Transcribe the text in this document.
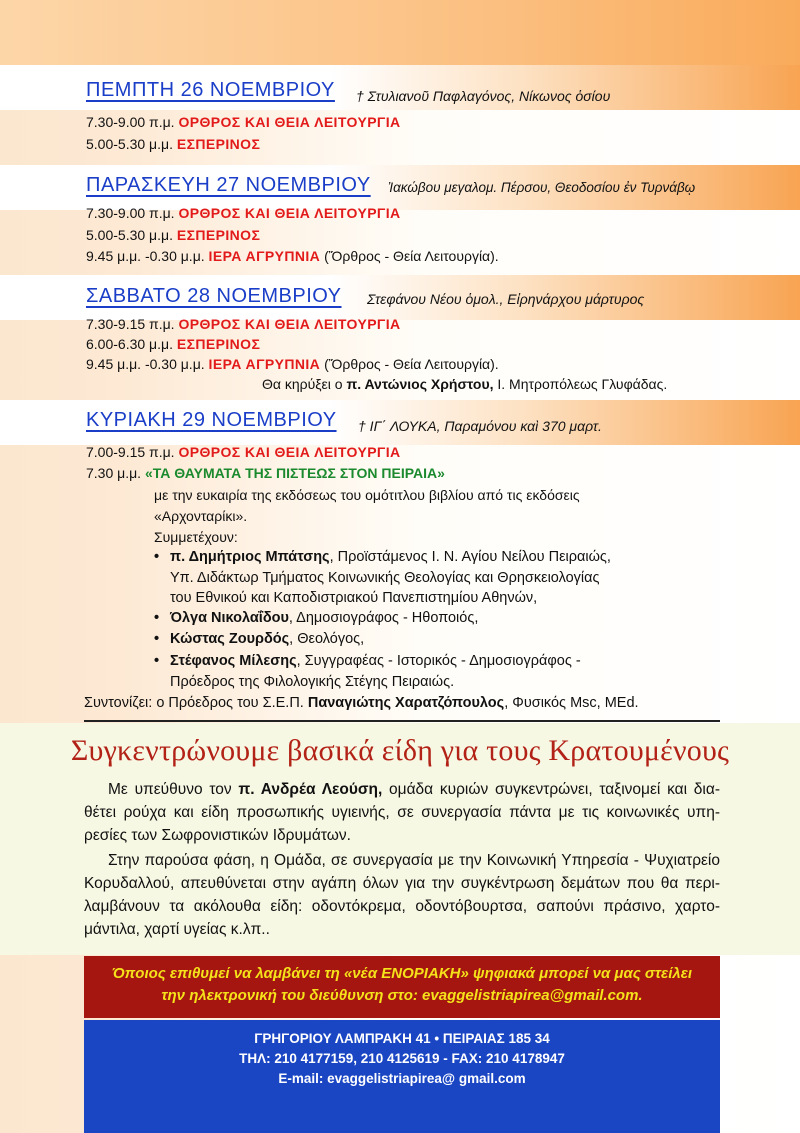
ΠΕΜΠΤΗ 26 ΝΟΕΜΒΡΙΟΥ † Στυλιανοῦ Παφλαγόνος, Νίκωνος ὁσίου
7.30-9.00 π.μ. ΟΡΘΡΟΣ ΚΑΙ ΘΕΙΑ ΛΕΙΤΟΥΡΓΙΑ
5.00-5.30 μ.μ. ΕΣΠΕΡΙΝΟΣ
ΠΑΡΑΣΚΕΥΗ 27 ΝΟΕΜΒΡΙΟΥ Ἰακώβου μεγαλομ. Πέρσου, Θεοδοσίου ἐν Τυρνάβῳ
7.30-9.00 π.μ. ΟΡΘΡΟΣ ΚΑΙ ΘΕΙΑ ΛΕΙΤΟΥΡΓΙΑ
5.00-5.30 μ.μ. ΕΣΠΕΡΙΝΟΣ
9.45 μ.μ. -0.30 μ.μ. ΙΕΡΑ ΑΓΡΥΠΝΙΑ (Ὄρθρος - Θεία Λειτουργία).
ΣΑΒΒΑΤΟ 28 ΝΟΕΜΒΡΙΟΥ Στεφάνου Νέου ὁμολ., Εἰρηνάρχου μάρτυρος
7.30-9.15 π.μ. ΟΡΘΡΟΣ ΚΑΙ ΘΕΙΑ ΛΕΙΤΟΥΡΓΙΑ
6.00-6.30 μ.μ. ΕΣΠΕΡΙΝΟΣ
9.45 μ.μ. -0.30 μ.μ. ΙΕΡΑ ΑΓΡΥΠΝΙΑ (Ὄρθρος - Θεία Λειτουργία).
Θα κηρύξει ο π. Αντώνιος Χρήστου, Ι. Μητροπόλεως Γλυφάδας.
ΚΥΡΙΑΚΗ 29 ΝΟΕΜΒΡΙΟΥ † ΙΓ΄ ΛΟΥΚΑ, Παραμόνου καὶ 370 μαρτ.
7.00-9.15 π.μ. ΟΡΘΡΟΣ ΚΑΙ ΘΕΙΑ ΛΕΙΤΟΥΡΓΙΑ
7.30 μ.μ. «ΤΑ ΘΑΥΜΑΤΑ ΤΗΣ ΠΙΣΤΕΩΣ ΣΤΟΝ ΠΕΙΡΑΙΑ»
με την ευκαιρία της εκδόσεως του ομότιτλου βιβλίου από τις εκδόσεις
«Αρχονταρίκι».
Συμμετέχουν:
• π. Δημήτριος Μπάτσης, Προϊστάμενος Ι. Ν. Αγίου Νείλου Πειραιώς,
Υπ. Διδάκτωρ Τμήματος Κοινωνικής Θεολογίας και Θρησκειολογίας
του Εθνικού και Καποδιστριακού Πανεπιστημίου Αθηνών,
• Όλγα Νικολαΐδου, Δημοσιογράφος - Ηθοποιός,
• Κώστας Ζουρδός, Θεολόγος,
• Στέφανος Μίλεσης, Συγγραφέας - Ιστορικός - Δημοσιογράφος -
Πρόεδρος της Φιλολογικής Στέγης Πειραιώς.
Συντονίζει: ο Πρόεδρος του Σ.Ε.Π. Παναγιώτης Χαρατζόπουλος, Φυσικός Msc, MEd.
Συγκεντρώνουμε βασικά είδη για τους Κρατουμένους
Με υπεύθυνο τον π. Ανδρέα Λεούση, ομάδα κυριών συγκεντρώνει, ταξινομεί και δια-
θέτει ρούχα και είδη προσωπικής υγιεινής, σε συνεργασία πάντα με τις κοινωνικές υπη-
ρεσίες των Σωφρονιστικών Ιδρυμάτων.
Στην παρούσα φάση, η Ομάδα, σε συνεργασία με την Κοινωνική Υπηρεσία - Ψυχιατρείο
Κορυδαλλού, απευθύνεται στην αγάπη όλων για την συγκέντρωση δεμάτων που θα περι-
λαμβάνουν τα ακόλουθα είδη: οδοντόκρεμα, οδοντόβουρτσα, σαπούνι πράσινο, χαρτο-
μάντιλα, χαρτί υγείας κ.λπ..
Όποιος επιθυμεί να λαμβάνει τη «νέα ΕΝΟΡΙΑΚΗ» ψηφιακά μπορεί να μας στείλει
την ηλεκτρονική του διεύθυνση στο: evaggelistriapirea@gmail.com.
ΓΡΗΓΟΡΙΟΥ ΛΑΜΠΡΑΚΗ 41 • ΠΕΙΡΑΙΑΣ 185 34
ΤΗΛ: 210 4177159, 210 4125619 - FAX: 210 4178947
E-mail: evaggelistriapirea@ gmail.com
